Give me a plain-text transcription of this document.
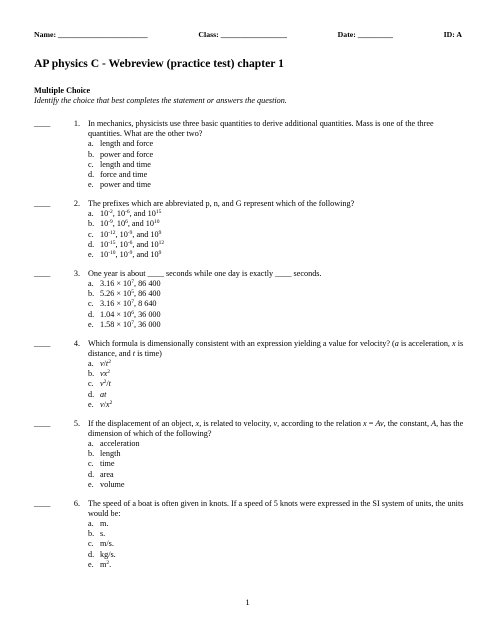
Name: _______________________	Class: _________________	Date: _________	ID: A
AP physics C - Webreview (practice test) chapter 1
Multiple Choice
Identify the choice that best completes the statement or answers the question.
____	1. In mechanics, physicists use three basic quantities to derive additional quantities. Mass is one of the three quantities. What are the other two?
a. length and force
b. power and force
c. length and time
d. force and time
e. power and time
____	2. The prefixes which are abbreviated p, n, and G represent which of the following?
a. $10^{-2}$, $10^{-6}$, and $10^{15}$
b. $10^{-9}$, $10^6$, and $10^{10}$
c. $10^{-12}$, $10^{-9}$, and $10^9$
d. $10^{-15}$, $10^{-6}$, and $10^{12}$
e. $10^{-10}$, $10^{-9}$, and $10^9$
____	3. One year is about ____ seconds while one day is exactly ____ seconds.
a. $3.16 \times 10^7$, 86 400
b. $5.26 \times 10^5$, 86 400
c. $3.16 \times 10^7$, 8 640
d. $1.04 \times 10^6$, 36 000
e. $1.58 \times 10^7$, 36 000
____	4. Which formula is dimensionally consistent with an expression yielding a value for velocity? (a is acceleration, x is distance, and t is time)
a. $v/t^2$
b. $vx^2$
c. $v^2/t$
d. at
e. $v/x^2$
____	5. If the displacement of an object, x, is related to velocity, v, according to the relation x = Av, the constant, A, has the dimension of which of the following?
a. acceleration
b. length
c. time
d. area
e. volume
____	6. The speed of a boat is often given in knots. If a speed of 5 knots were expressed in the SI system of units, the units would be:
a. m.
b. s.
c. m/s.
d. kg/s.
e. $m^2$.
1
